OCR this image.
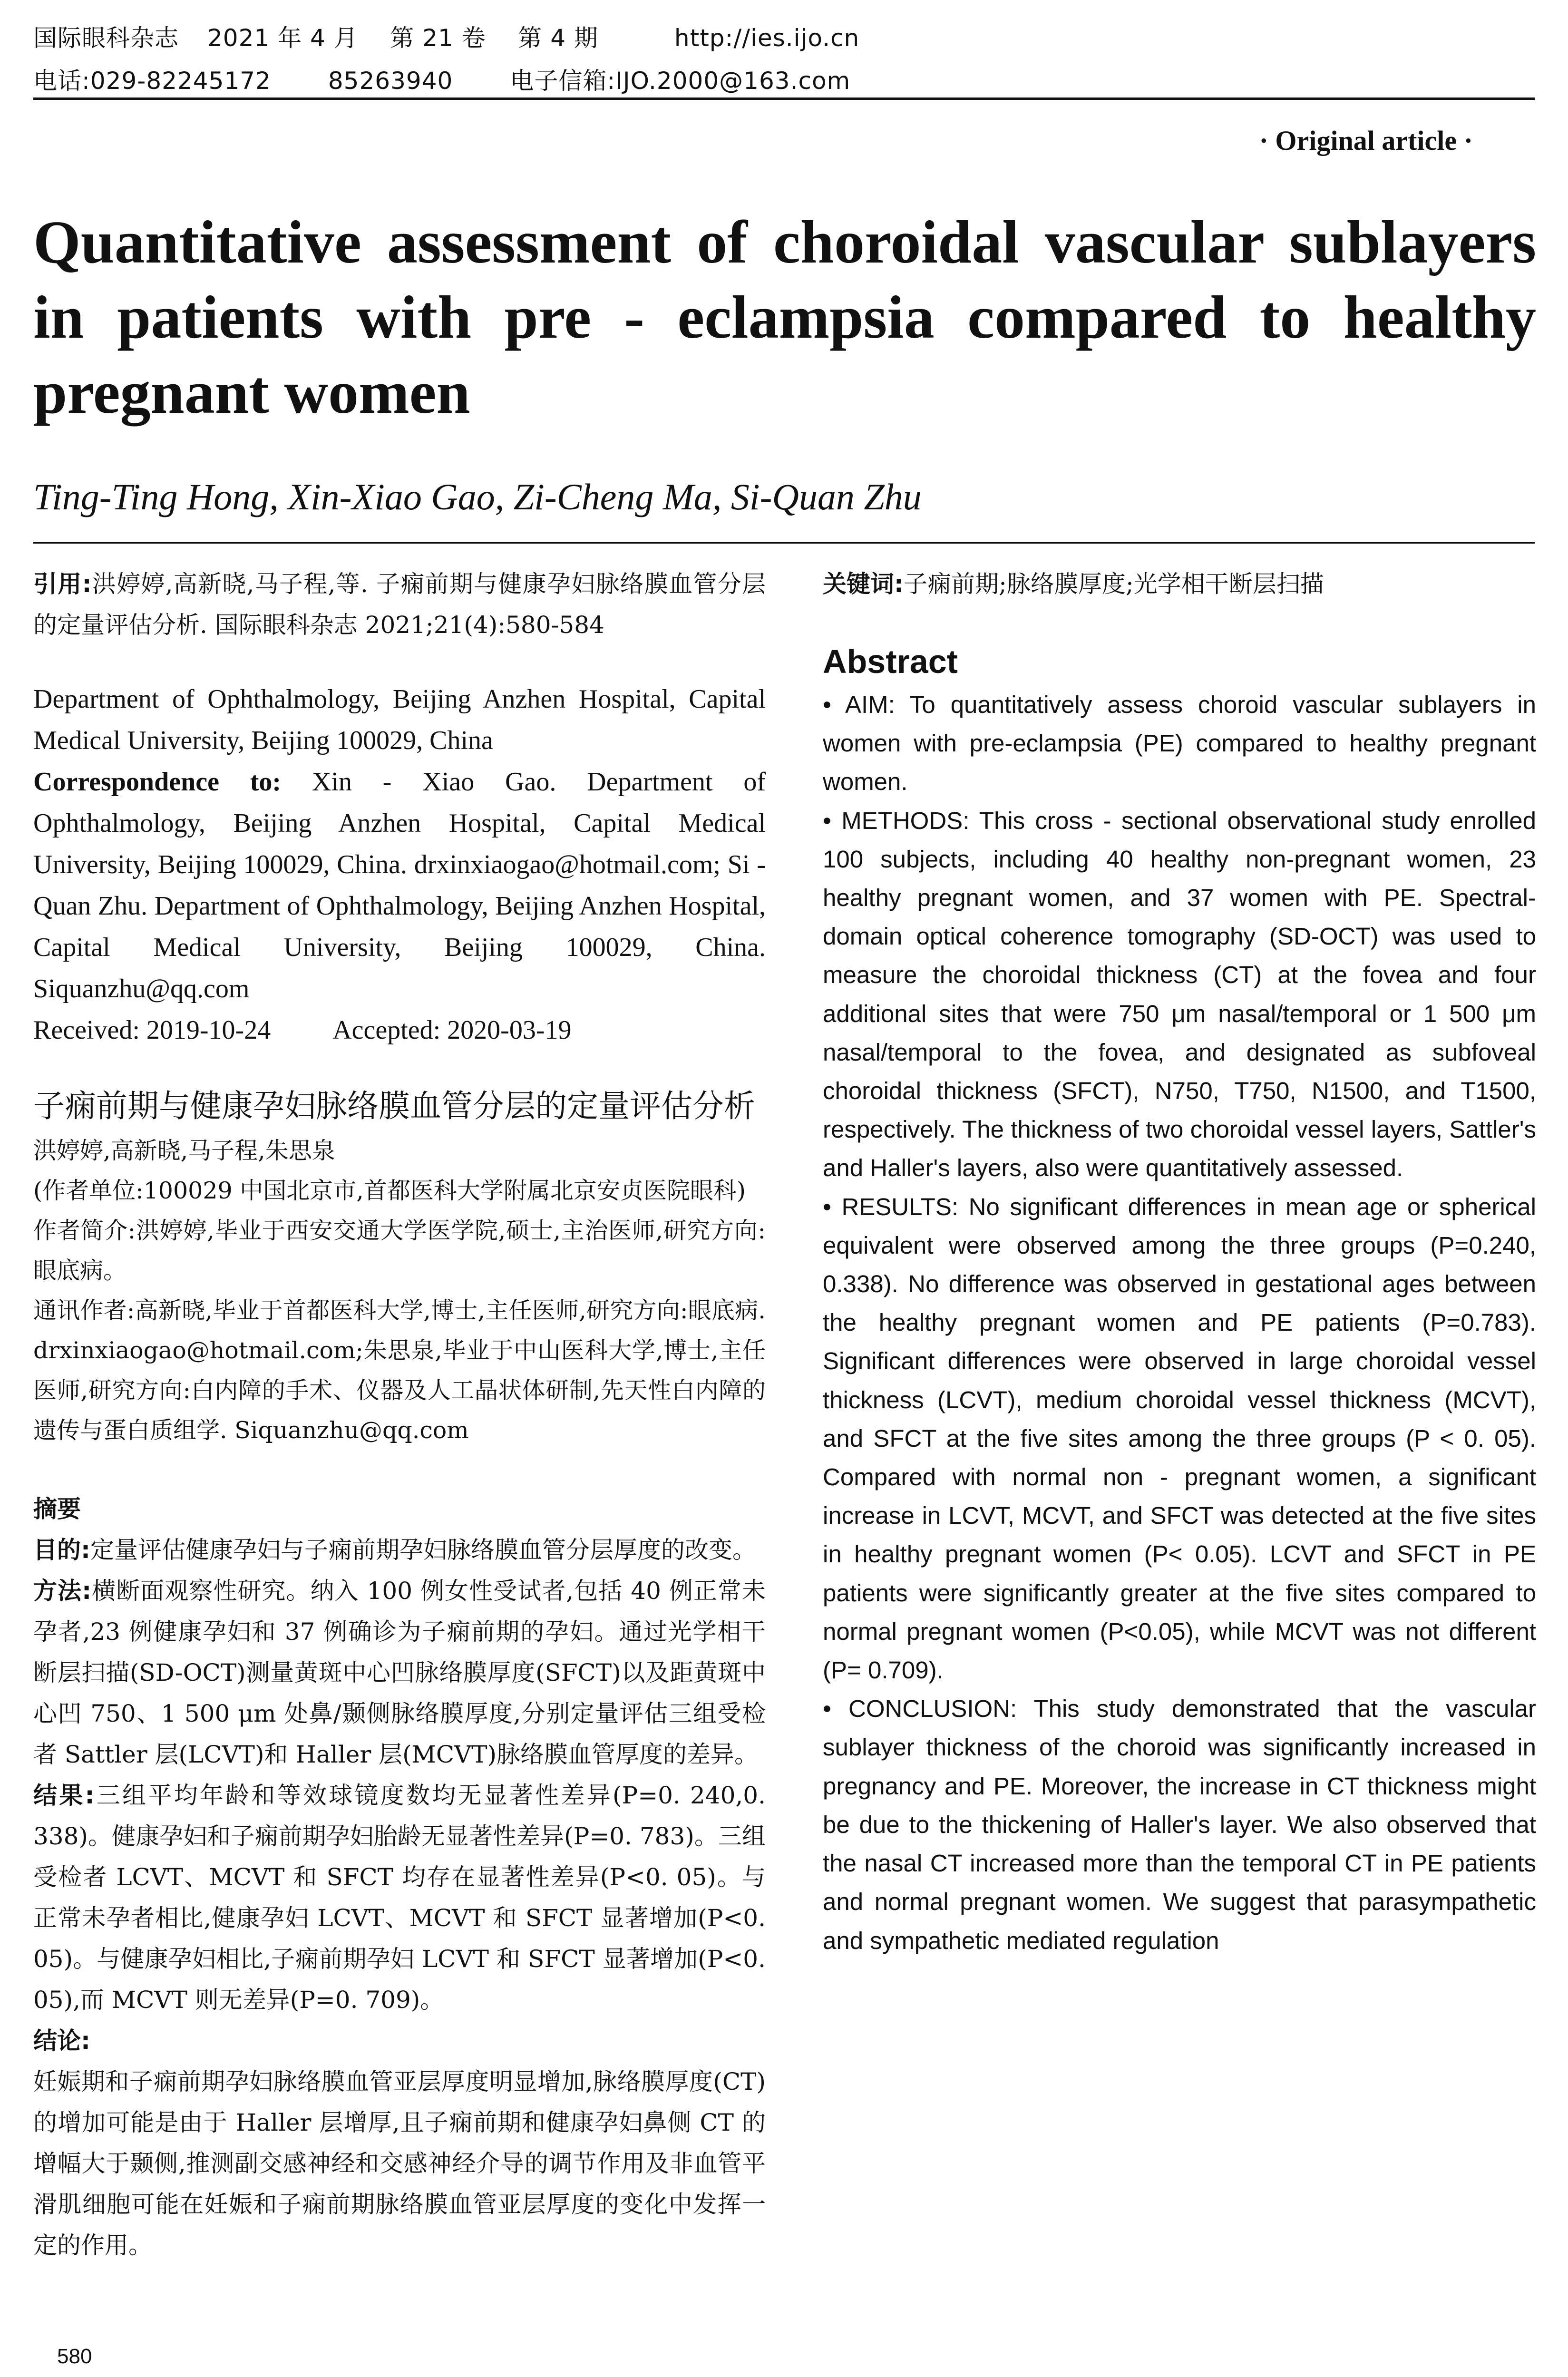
国际眼科杂志 2021 年 4 月    第 21 卷    第 4 期	http://ies.ijo.cn
电话:029-82245172 85263940 电子信箱:IJO.2000@163.com
· Original article ·
Quantitative assessment of choroidal vascular sublayers
in patients with pre - eclampsia compared to healthy
pregnant women
Ting-Ting Hong, Xin-Xiao Gao, Zi-Cheng Ma, Si-Quan Zhu

引用:洪婷婷,高新晓,马子程,等. 子痫前期与健康孕妇脉络膜血管分层的定量评估分析. 国际眼科杂志 2021;21(4):580-584

Department of Ophthalmology, Beijing Anzhen Hospital, Capital Medical University, Beijing 100029, China

Correspondence to: Xin - Xiao Gao. Department of Ophthalmology, Beijing Anzhen Hospital, Capital Medical University, Beijing 100029, China. drxinxiaogao@hotmail.com; Si - Quan Zhu. Department of Ophthalmology, Beijing Anzhen Hospital, Capital Medical University, Beijing 100029, China. Siquanzhu@qq.com

Received: 2019-10-24 Accepted: 2020-03-19

子痫前期与健康孕妇脉络膜血管分层的定量评估分析

洪婷婷,高新晓,马子程,朱思泉

(作者单位:100029 中国北京市,首都医科大学附属北京安贞医院眼科)

作者简介:洪婷婷,毕业于西安交通大学医学院,硕士,主治医师,研究方向:眼底病。

通讯作者:高新晓,毕业于首都医科大学,博士,主任医师,研究方向:眼底病. drxinxiaogao@hotmail.com;朱思泉,毕业于中山医科大学,博士,主任医师,研究方向:白内障的手术、仪器及人工晶状体研制,先天性白内障的遗传与蛋白质组学. Siquanzhu@qq.com

摘要

目的:定量评估健康孕妇与子痫前期孕妇脉络膜血管分层厚度的改变。

方法:横断面观察性研究。纳入 100 例女性受试者,包括 40 例正常未孕者,23 例健康孕妇和 37 例确诊为子痫前期的孕妇。通过光学相干断层扫描(SD-OCT)测量黄斑中心凹脉络膜厚度(SFCT)以及距黄斑中心凹 750、1 500 μm 处鼻/颞侧脉络膜厚度,分别定量评估三组受检者 Sattler 层(LCVT)和 Haller 层(MCVT)脉络膜血管厚度的差异。

结果:三组平均年龄和等效球镜度数均无显著性差异(P=0. 240,0. 338)。健康孕妇和子痫前期孕妇胎龄无显著性差异(P=0. 783)。三组受检者 LCVT、MCVT 和 SFCT 均存在显著性差异(P<0. 05)。与正常未孕者相比,健康孕妇 LCVT、MCVT 和 SFCT 显著增加(P<0. 05)。与健康孕妇相比,子痫前期孕妇 LCVT 和 SFCT 显著增加(P<0. 05),而 MCVT 则无差异(P=0. 709)。

结论:
妊娠期和子痫前期孕妇脉络膜血管亚层厚度明显增加,脉络膜厚度(CT)的增加可能是由于 Haller 层增厚,且子痫前期和健康孕妇鼻侧 CT 的增幅大于颞侧,推测副交感神经和交感神经介导的调节作用及非血管平滑肌细胞可能在妊娠和子痫前期脉络膜血管亚层厚度的变化中发挥一定的作用。

关键词:子痫前期;脉络膜厚度;光学相干断层扫描

Abstract

• AIM: To quantitatively assess choroid vascular sublayers in women with pre-eclampsia (PE) compared to healthy pregnant women.

• METHODS: This cross - sectional observational study enrolled 100 subjects, including 40 healthy non-pregnant women, 23 healthy pregnant women, and 37 women with PE. Spectral-domain optical coherence tomography (SD-OCT) was used to measure the choroidal thickness (CT) at the fovea and four additional sites that were 750 μm nasal/temporal or 1 500 μm nasal/temporal to the fovea, and designated as subfoveal choroidal thickness (SFCT), N750, T750, N1500, and T1500, respectively. The thickness of two choroidal vessel layers, Sattler's and Haller's layers, also were quantitatively assessed.

• RESULTS: No significant differences in mean age or spherical equivalent were observed among the three groups (P=0.240, 0.338). No difference was observed in gestational ages between the healthy pregnant women and PE patients (P=0.783). Significant differences were observed in large choroidal vessel thickness (LCVT), medium choroidal vessel thickness (MCVT), and SFCT at the five sites among the three groups (P < 0. 05). Compared with normal non - pregnant women, a significant increase in LCVT, MCVT, and SFCT was detected at the five sites in healthy pregnant women (P< 0.05). LCVT and SFCT in PE patients were significantly greater at the five sites compared to normal pregnant women (P<0.05), while MCVT was not different (P= 0.709).

• CONCLUSION: This study demonstrated that the vascular sublayer thickness of the choroid was significantly increased in pregnancy and PE. Moreover, the increase in CT thickness might be due to the thickening of Haller's layer. We also observed that the nasal CT increased more than the temporal CT in PE patients and normal pregnant women. We suggest that parasympathetic and sympathetic mediated regulation

580
